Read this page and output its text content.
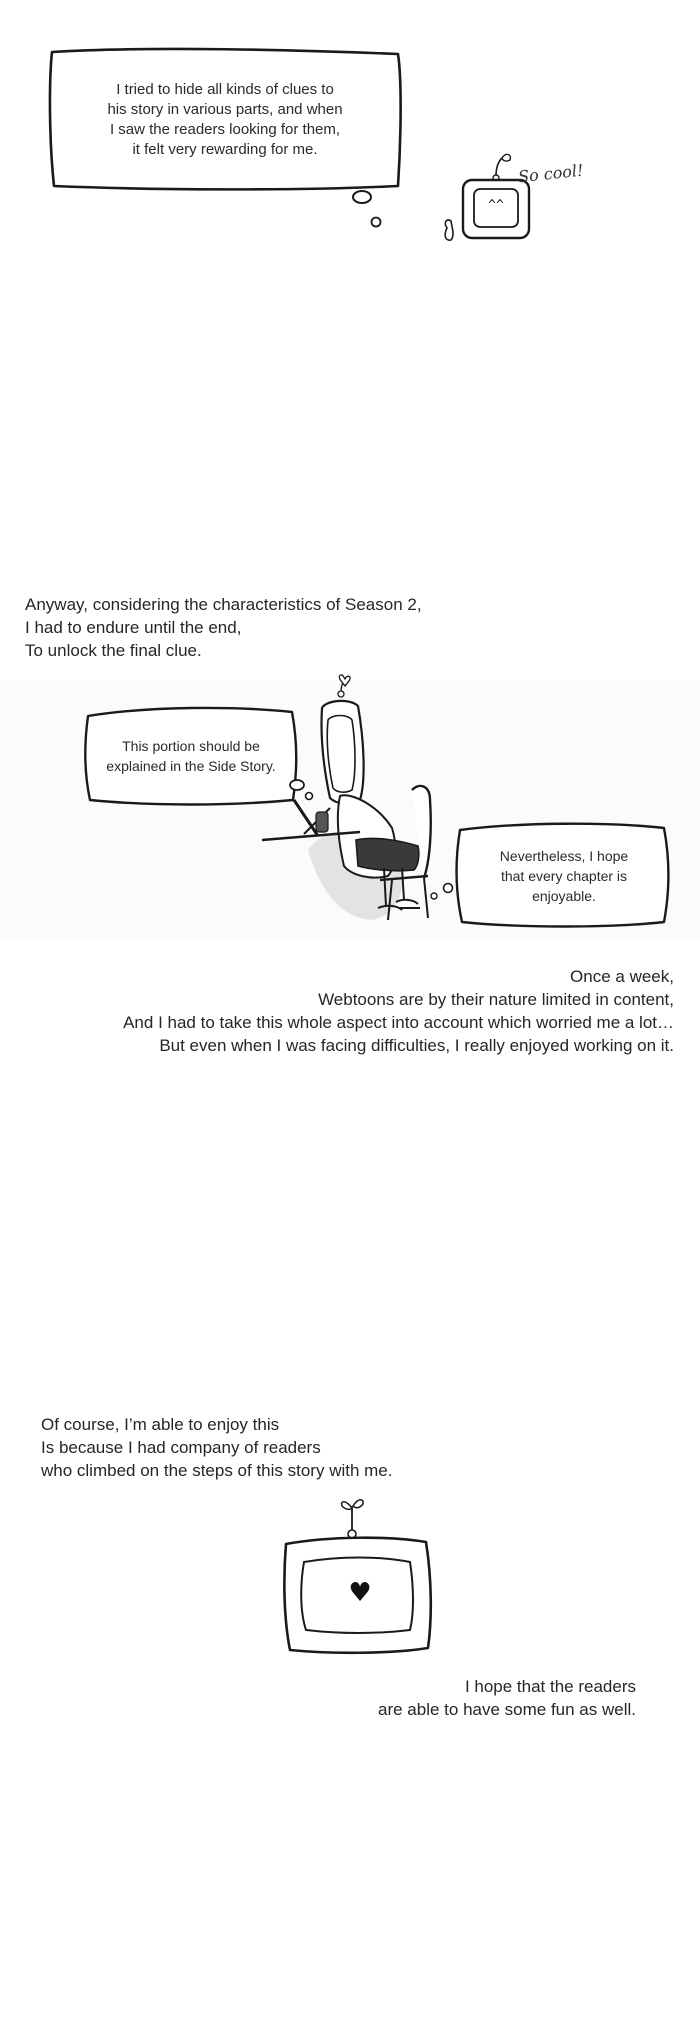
I tried to hide all kinds of clues to
his story in various parts, and when
I saw the readers looking for them,
it felt very rewarding for me.
So cool!
^^
Anyway, considering the characteristics of Season 2,
I had to endure until the end,
To unlock the final clue.
This portion should be
explained in the Side Story.
Nevertheless, I hope
that every chapter is
enjoyable.
Once a week,
Webtoons are by their nature limited in content,
And I had to take this whole aspect into account which worried me a lot…
But even when I was facing difficulties, I really enjoyed working on it.
Of course, I’m able to enjoy this
Is because I had company of readers
who climbed on the steps of this story with me.
♥
I hope that the readers
are able to have some fun as well.
